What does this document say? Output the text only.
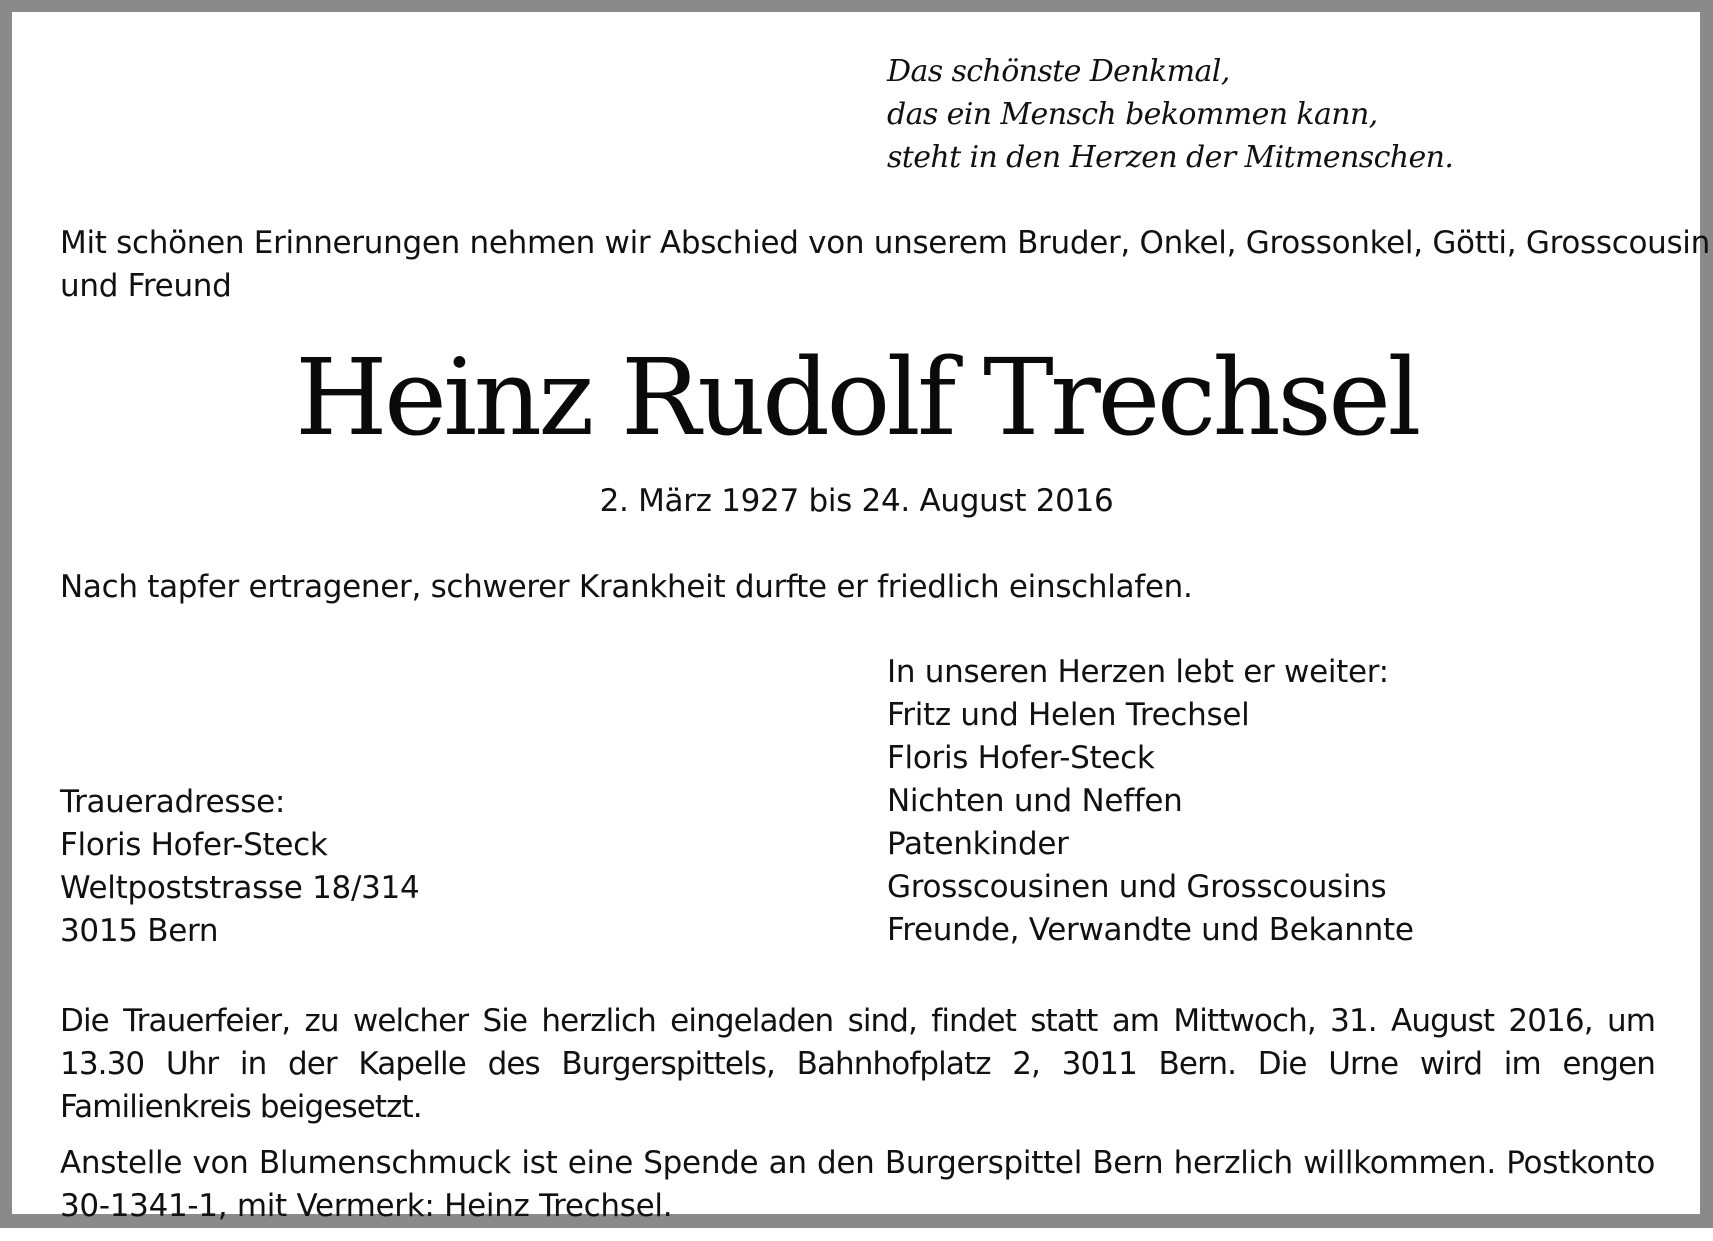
Das schönste Denkmal,
das ein Mensch bekommen kann,
steht in den Herzen der Mitmenschen.
Mit schönen Erinnerungen nehmen wir Abschied von unserem Bruder, Onkel, Grossonkel, Götti, Grosscousin
und Freund
Heinz Rudolf Trechsel
2. März 1927 bis 24. August 2016
Nach tapfer ertragener, schwerer Krankheit durfte er friedlich einschlafen.
In unseren Herzen lebt er weiter:
Fritz und Helen Trechsel
Floris Hofer-Steck
Nichten und Neffen
Patenkinder
Grosscousinen und Grosscousins
Freunde, Verwandte und Bekannte
Traueradresse:
Floris Hofer-Steck
Weltpoststrasse 18/314
3015 Bern

Die Trauerfeier, zu welcher Sie herzlich eingeladen sind, findet statt am Mittwoch, 31. August 2016, um 13.30 Uhr in der Kapelle des Burgerspittels, Bahnhofplatz 2, 3011 Bern. Die Urne wird im engen Familienkreis beigesetzt.

Anstelle von Blumenschmuck ist eine Spende an den Burgerspittel Bern herzlich willkommen. Postkonto 30-1341-1, mit Vermerk: Heinz Trechsel.
